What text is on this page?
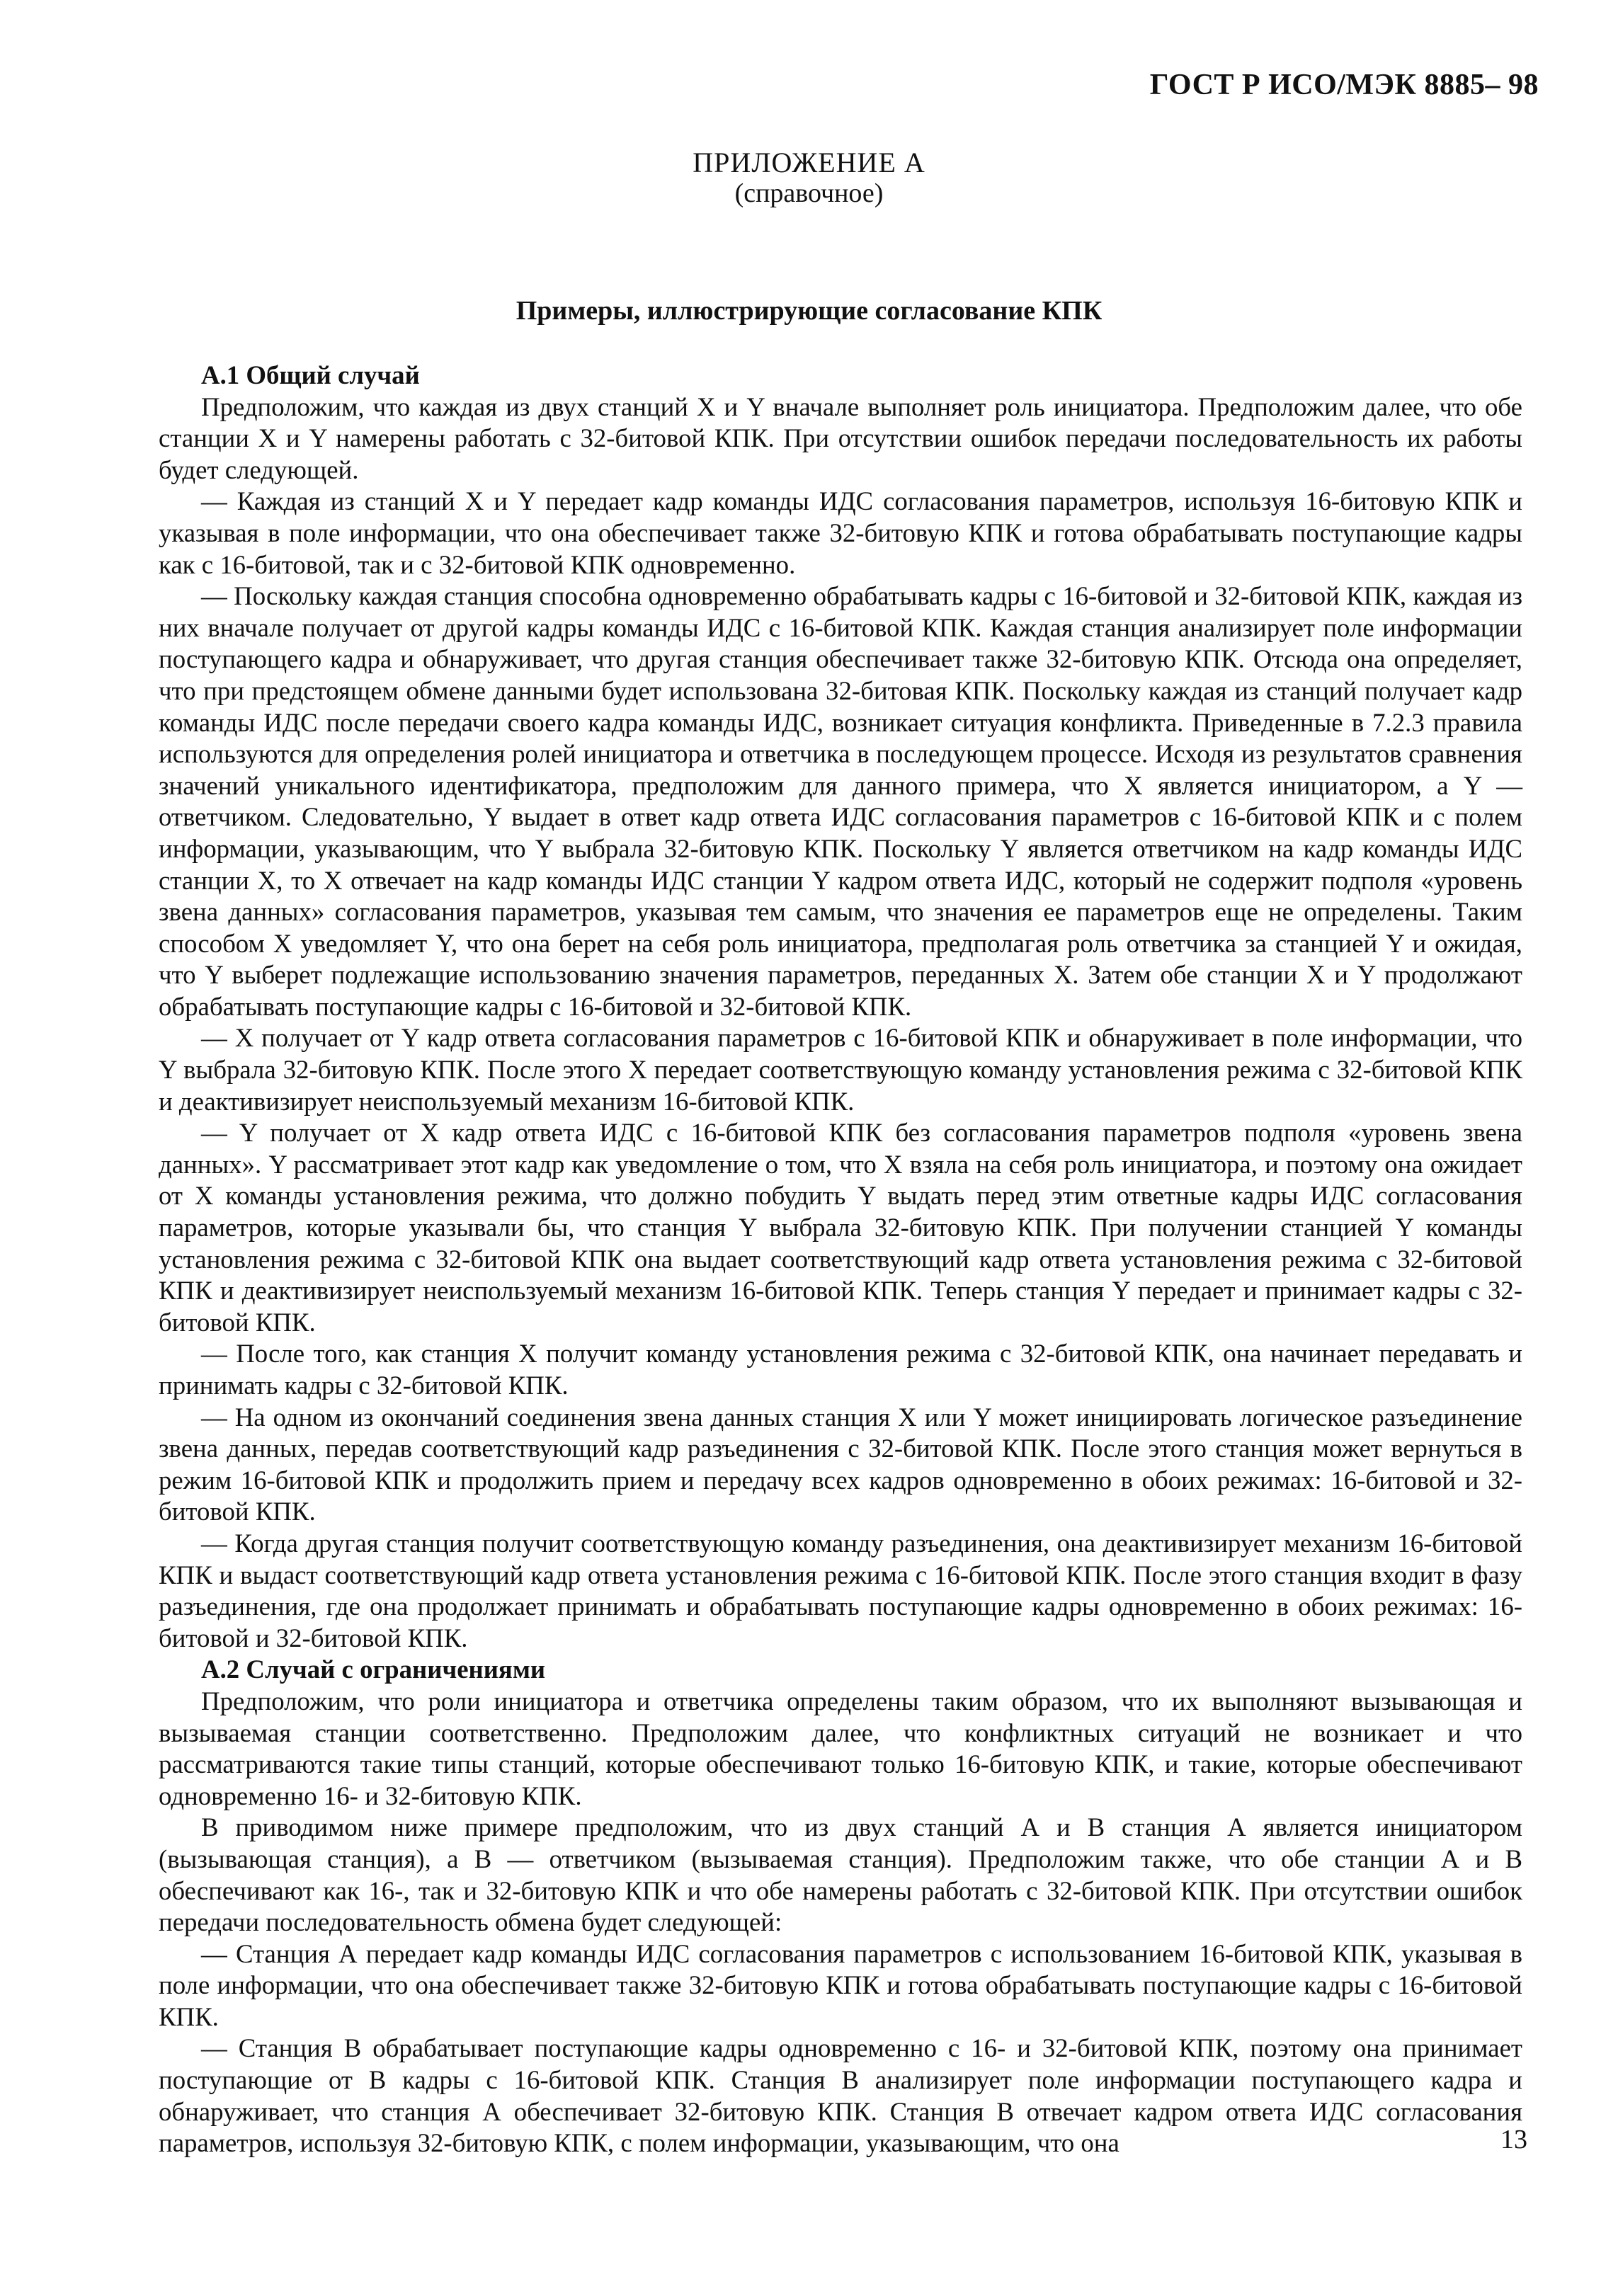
ГОСТ Р ИСО/МЭК 8885– 98
ПРИЛОЖЕНИЕ А
(справочное)
Примеры, иллюстрирующие согласование КПК

А.1 Общий случай

Предположим, что каждая из двух станций X и Y вначале выполняет роль инициатора. Предположим далее, что обе станции X и Y намерены работать с 32-битовой КПК. При отсутствии ошибок передачи последовательность их работы будет следующей.

— Каждая из станций X и Y передает кадр команды ИДС согласования параметров, используя 16-битовую КПК и указывая в поле информации, что она обеспечивает также 32-битовую КПК и готова обрабатывать поступающие кадры как с 16-битовой, так и с 32-битовой КПК одновременно.

— Поскольку каждая станция способна одновременно обрабатывать кадры с 16-битовой и 32-битовой КПК, каждая из них вначале получает от другой кадры команды ИДС с 16-битовой КПК. Каждая станция анализирует поле информации поступающего кадра и обнаруживает, что другая станция обеспечивает также 32-битовую КПК. Отсюда она определяет, что при предстоящем обмене данными будет использована 32-битовая КПК. Поскольку каждая из станций получает кадр команды ИДС после передачи своего кадра команды ИДС, возникает ситуация конфликта. Приведенные в 7.2.3 правила используются для определения ролей инициатора и ответчика в последующем процессе. Исходя из результатов сравнения значений уникального идентификатора, предположим для данного примера, что X является инициатором, а Y — ответчиком. Следовательно, Y выдает в ответ кадр ответа ИДС согласования параметров с 16-битовой КПК и с полем информации, указывающим, что Y выбрала 32-битовую КПК. Поскольку Y является ответчиком на кадр команды ИДС станции X, то X отвечает на кадр команды ИДС станции Y кадром ответа ИДС, который не содержит подполя «уровень звена данных» согласования параметров, указывая тем самым, что значения ее параметров еще не определены. Таким способом X уведомляет Y, что она берет на себя роль инициатора, предполагая роль ответчика за станцией Y и ожидая, что Y выберет подлежащие использованию значения параметров, переданных X. Затем обе станции X и Y продолжают обрабатывать поступающие кадры с 16-битовой и 32-битовой КПК.

— X получает от Y кадр ответа согласования параметров с 16-битовой КПК и обнаруживает в поле информации, что Y выбрала 32-битовую КПК. После этого X передает соответствующую команду установления режима с 32-битовой КПК и деактивизирует неиспользуемый механизм 16-битовой КПК.

— Y получает от X кадр ответа ИДС с 16-битовой КПК без согласования параметров подполя «уровень звена данных». Y рассматривает этот кадр как уведомление о том, что X взяла на себя роль инициатора, и поэтому она ожидает от X команды установления режима, что должно побудить Y выдать перед этим ответные кадры ИДС согласования параметров, которые указывали бы, что станция Y выбрала 32-битовую КПК. При получении станцией Y команды установления режима с 32-битовой КПК она выдает соответствующий кадр ответа установления режима с 32-битовой КПК и деактивизирует неиспользуемый механизм 16-битовой КПК. Теперь станция Y передает и принимает кадры с 32-битовой КПК.

— После того, как станция X получит команду установления режима с 32-битовой КПК, она начинает передавать и принимать кадры с 32-битовой КПК.

— На одном из окончаний соединения звена данных станция X или Y может инициировать логическое разъединение звена данных, передав соответствующий кадр разъединения с 32-битовой КПК. После этого станция может вернуться в режим 16-битовой КПК и продолжить прием и передачу всех кадров одновременно в обоих режимах: 16-битовой и 32-битовой КПК.

— Когда другая станция получит соответствующую команду разъединения, она деактивизирует механизм 16-битовой КПК и выдаст соответствующий кадр ответа установления режима с 16-битовой КПК. После этого станция входит в фазу разъединения, где она продолжает принимать и обрабатывать поступающие кадры одновременно в обоих режимах: 16-битовой и 32-битовой КПК.

А.2 Случай с ограничениями

Предположим, что роли инициатора и ответчика определены таким образом, что их выполняют вызывающая и вызываемая станции соответственно. Предположим далее, что конфликтных ситуаций не возникает и что рассматриваются такие типы станций, которые обеспечивают только 16-битовую КПК, и такие, которые обеспечивают одновременно 16- и 32-битовую КПК.

В приводимом ниже примере предположим, что из двух станций А и В станция А является инициатором (вызывающая станция), а В — ответчиком (вызываемая станция). Предположим также, что обе станции А и В обеспечивают как 16-, так и 32-битовую КПК и что обе намерены работать с 32-битовой КПК. При отсутствии ошибок передачи последовательность обмена будет следующей:

— Станция А передает кадр команды ИДС согласования параметров с использованием 16-битовой КПК, указывая в поле информации, что она обеспечивает также 32-битовую КПК и готова обрабатывать поступающие кадры с 16-битовой КПК.

— Станция В обрабатывает поступающие кадры одновременно с 16- и 32-битовой КПК, поэтому она принимает поступающие от В кадры с 16-битовой КПК. Станция В анализирует поле информации поступающего кадра и обнаруживает, что станция А обеспечивает 32-битовую КПК. Станция В отвечает кадром ответа ИДС согласования параметров, используя 32-битовую КПК, с полем информации, указывающим, что она	13
